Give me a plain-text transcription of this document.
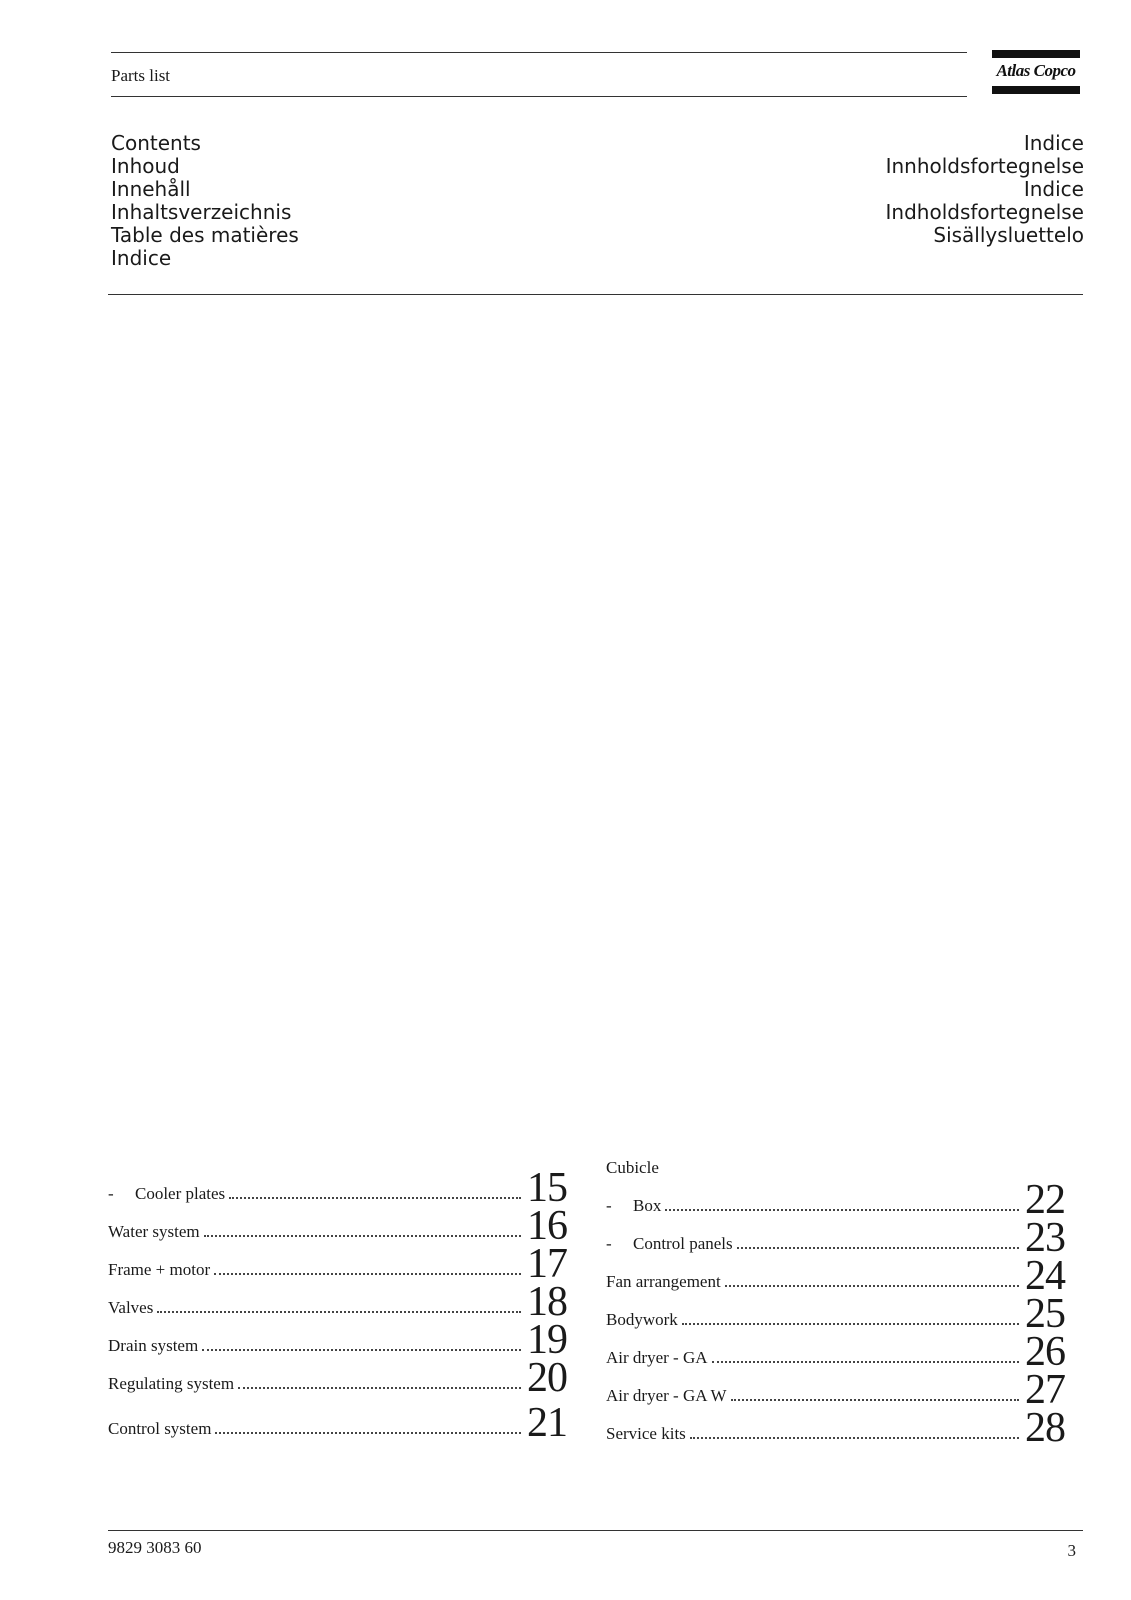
Parts list	Atlas Copco
Contents
Inhoud
Innehåll
Inhaltsverzeichnis
Table des matières
Indice
Indice
Innholdsfortegnelse
Indice
Indholdsfortegnelse
Sisällysluettelo
- Cooler plates	15
Water system	16
Frame + motor	17
Valves	18
Drain system	19
Regulating system	20
Control system	21
Cubicle
- Box	22
- Control panels	23
Fan arrangement	24
Bodywork	25
Air dryer - GA	26
Air dryer - GA W	27
Service kits	28
9829 3083 60	3
